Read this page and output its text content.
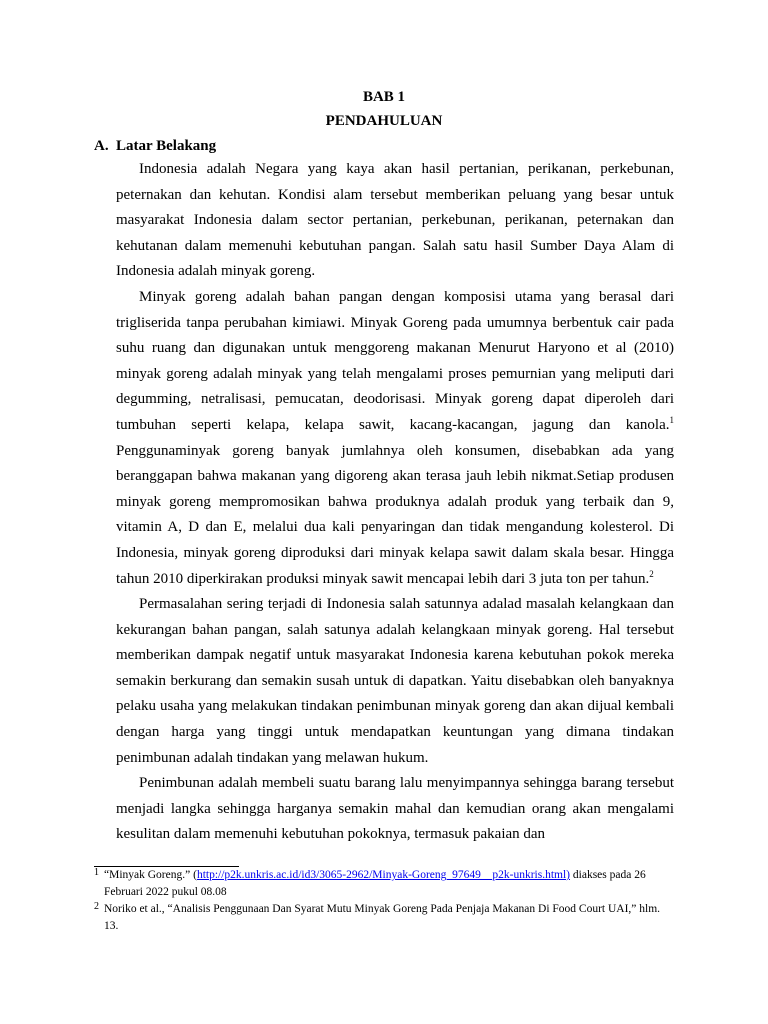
BAB 1
PENDAHULUAN
A. Latar Belakang

Indonesia adalah Negara yang kaya akan hasil pertanian, perikanan, perkebunan, peternakan dan kehutan. Kondisi alam tersebut memberikan peluang yang besar untuk masyarakat Indonesia dalam sector pertanian, perkebunan, perikanan, peternakan dan kehutanan dalam memenuhi kebutuhan pangan. Salah satu hasil Sumber Daya Alam di Indonesia adalah minyak goreng.

Minyak goreng adalah bahan pangan dengan komposisi utama yang berasal dari trigliserida tanpa perubahan kimiawi. Minyak Goreng pada umumnya berbentuk cair pada suhu ruang dan digunakan untuk menggoreng makanan Menurut Haryono et al (2010) minyak goreng adalah minyak yang telah mengalami proses pemurnian yang meliputi dari degumming, netralisasi, pemucatan, deodorisasi. Minyak goreng dapat diperoleh dari tumbuhan seperti kelapa, kelapa sawit, kacang-kacangan, jagung dan kanola.$^1$ Penggunaminyak goreng banyak jumlahnya oleh konsumen, disebabkan ada yang beranggapan bahwa makanan yang digoreng akan terasa jauh lebih nikmat.Setiap produsen minyak goreng mempromosikan bahwa produknya adalah produk yang terbaik dan 9, vitamin A, D dan E, melalui dua kali penyaringan dan tidak mengandung kolesterol. Di Indonesia, minyak goreng diproduksi dari minyak kelapa sawit dalam skala besar. Hingga tahun 2010 diperkirakan produksi minyak sawit mencapai lebih dari 3 juta ton per tahun.$^2$

Permasalahan sering terjadi di Indonesia salah satunnya adalad masalah kelangkaan dan kekurangan bahan pangan, salah satunya adalah kelangkaan minyak goreng. Hal tersebut memberikan dampak negatif untuk masyarakat Indonesia karena kebutuhan pokok mereka semakin berkurang dan semakin susah untuk di dapatkan. Yaitu disebabkan oleh banyaknya pelaku usaha yang melakukan tindakan penimbunan minyak goreng dan akan dijual kembali dengan harga yang tinggi untuk mendapatkan keuntungan yang dimana tindakan penimbunan adalah tindakan yang melawan hukum.

Penimbunan adalah membeli suatu barang lalu menyimpannya sehingga barang tersebut menjadi langka sehingga harganya semakin mahal dan kemudian orang akan mengalami kesulitan dalam memenuhi kebutuhan pokoknya, termasuk pakaian dan

1 “Minyak Goreng.” (http://p2k.unkris.ac.id/id3/3065-2962/Minyak-Goreng_97649__p2k-unkris.html) diakses pada 26 Februari 2022 pukul 08.08
2 Noriko et al., “Analisis Penggunaan Dan Syarat Mutu Minyak Goreng Pada Penjaja Makanan Di Food Court UAI,” hlm. 13.
